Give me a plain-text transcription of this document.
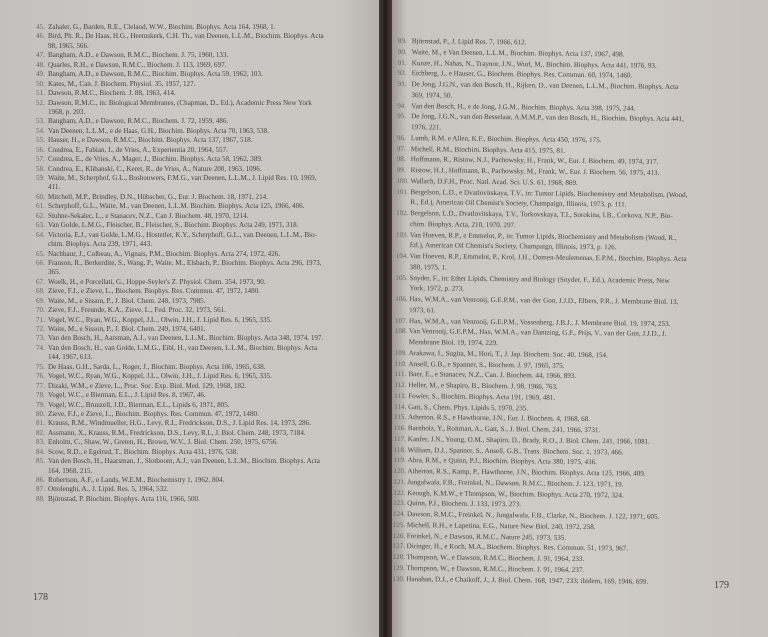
45. Zahaler, G., Barden, R.E., Cleland, W.W., Biochim. Biophys. Acta 164, 1968, 1.
46. Bird, Ph. R., De Haas, H.G., Heemskerk, C.H. Th., van Deenen, L.L.M., Biochim. Biophys. Acta
98, 1965, 566.
47. Bangham, A.D., e Dawson, R.M.C., Biochem. J. 75, 1960, 133.
48. Quarles, R.H., e Dawson, R.M.C., Biochem. J. 113, 1969, 697.
49. Bangham, A.D., e Dawson, R.M.C., Biochim. Biophys. Acta 59, 1962, 103.
50. Kates, M., Can. J. Biochem. Physiol. 35, 1957, 127.
51. Dawson, R.M.C., Biochem. J. 88, 1963, 414.
52. Dawson, R.M.C., in: Biological Membranes, (Chapman, D., Ed.), Academic Press New York
1968, p. 203.
53. Bangham, A.D., e Dawson, R.M.C., Biochem. J. 72, 1959, 486.
54. Van Deenen, L.L.M., e de Haas, G.H., Biochim. Biophys. Acta 70, 1963, 538.
55. Hauser, H., e Dawson, R.M.C., Biochim. Biophys. Acta 137, 1967, 518.
56. Condrea, E., Fabian, I., de Vries, A., Experientia 20, 1964, 557.
57. Condrea, E., de Vries, A., Mager, J., Biochim. Biophys. Acta 58, 1962, 389.
58. Condrea, E., Klibanski, C., Keret, R., de Vries, A., Nature 200, 1963, 1096.
59. Waite, M., Scherphof, G.L., Boshouwers, F.M.G., van Deenen, L.L.M., J. Lipid Res. 10, 1969,
411.
60. Mitchell, M.P., Brindley, D.N., Hübscher, G., Eur. J. Biochem. 18, 1971, 214.
61. Scherphoff, G.L., Waite, M., van Deenen, L.L.M. Biochim. Biophys. Acta 125, 1966, 406.
62. Stuhne-Sekalec, L., e Stanacev, N.Z., Can J. Biochem. 48, 1970, 1214.
63. Van Golde, L.M.G., Fleischer, B., Fleischer, S., Biochim. Biophys. Acta 249, 1971, 318.
64. Victoria, E.J., van Golde, L.M.G., Hostetler, K.Y., Scherphoff, G.L., van Deenen, L.L.M., Bio-
chim. Biophys. Acta 239, 1971, 443.
65. Nachbaur, J., Colbeau, A., Vignais, P.M., Biochim. Biophys. Acta 274, 1972, 426.
66. Franson, R., Berkerdite, S., Wang, P., Waite, M., Elsbach, P., Biochim. Biophys. Acta 296, 1973,
365.
67. Woelk, H., e Porcellati, G., Hoppe-Seyler's Z. Physiol. Chem. 354, 1973, 90.
68. Zieve, F.J., e Zieve, L., Biochem. Biophys. Res. Commun. 47, 1972, 1480.
69. Waite, M., e Sisson, P., J. Biol. Chem. 248, 1973, 7985.
70. Zieve, F.J., Freunde, K.A., Zieve, L., Fed. Proc. 32, 1973, 561.
71. Vogel, W.C., Ryan, W.G., Koppel, J.L., Olwin, J.H., J. Lipid Res. 6, 1965, 335.
72. Waite, M., e Sisson, P., J. Biol. Chem. 249, 1974, 6401.
73. Van den Bosch, H., Aarsman, A.J., van Deenen, L.L.M., Biochim. Biophys. Acta 348, 1974, 197.
74. Van den Bosch, H., van Golde, L.M.G., Eibl, H., van Deenen, L.L.M., Biochim. Biophys. Acta
144, 1967, 613.
75. De Haas, G.H., Sarda, L., Roger, J., Biochim. Biophys. Acta 106, 1965, 638.
76. Vogel, W.C., Ryan, W.G., Koppel, J.L., Olwin, J.H., J. Lipid Res. 6, 1965, 335.
77. Dizaki, W.M., e Zieve, L., Proc. Soc. Exp. Biol. Med. 129, 1968, 182.
78. Vogel, W.C., e Bierman, E.L., J. Lipid Res. 8, 1967, 46.
79. Vogel, W.C., Brunzell, J.D., Bierman, E.L., Lipids 6, 1971, 805.
80. Zieve, F.J., e Zieve, L., Biochim. Biophys. Res. Commun. 47, 1972, 1480.
81. Krauss, R.M., Windmueller, H.G., Levy, R.I., Fredrickson, D.S., J. Lipid Res. 14, 1973, 286.
82. Assmann, X., Krauss, R.M., Fredrickson, D.S., Levy, R.I., J. Biol. Chem. 248, 1973, 7184.
83. Enholm, C., Shaw, W., Greten, H., Brown, W.V., J. Biol. Chem. 250, 1975, 6756.
84. Scow, R.D., e Egelrud, T., Biochim. Biophys. Acta 431, 1976, 538.
85. Van den Bosch, H., Haarsman, J., Slotboom, A.J., van Deenen, L.L.M., Biochim. Biophys. Acta
164, 1968, 215.
86. Robertson, A.F., e Lands, W.E.M., Biochemistry 1, 1962, 804.
87. Ottolenghi, A., J. Lipid. Res. 5, 1964, 532.
88. Björnstad, P. Biochim. Biophys. Acta 116, 1966, 500.
178
89. Björnstad, P., J. Lipid Res. 7, 1966, 612.
90. Waite, M., e Van Deenen, L.L.M., Biochim. Biophys. Acta 137, 1967, 498.
91. Kunze, H., Nahas, N., Traynor, J.N., Wurl, M., Biochim. Biophys. Acta 441, 1976, 93.
92. Eichberg, J., e Hauser, G., Biochem. Biophys. Res. Commun. 60, 1974, 1460.
93. De Jong, J.G.N., van den Bosch, H., Rijken, D., van Deenen, L.L.M., Biochim. Biophys. Acta
369, 1974, 50.
94. Van den Bosch, H., e de Jong, J.G.M., Biochim. Biophys. Acta 398, 1975, 244.
95. De Jong, J.G.N., van den Besselaar, A.M.M.P., van den Bosch, H., Biochim. Biophys. Acta 441,
1976, 221.
96. Lumb, R.M. e Allen, K.F., Biochim. Biophys. Acta 450, 1976, 175.
97. Michell, R.M., Biochim. Biophys. Acta 415, 1975, 81.
98. Hoffmann, R., Ristow, N.J., Pachowsky, H., Frank, W., Eur. J. Biochem. 49, 1974, 317.
99. Ristow, H.J., Hoffmann, R., Pachowsky, M., Frank, W., Eur. J. Biochem. 56, 1975, 413.
100.Wallach, D.F.H., Proc. Natl. Acad. Sci. U.S. 61, 1968, 869.
101.Bergelson, L.D., e Dvatlovitskaya, T.V., in: Tumor Lipids, Biochemistry and Metabolism, (Wood,
R., Ed.), American Oil Chemist's Society, Champaign, Illinois, 1973, p. 111.
102.Bergelson, L.D., Dvatlovitskaya, T.V., Torkovskaya, T.I., Sorokina, I.B., Corkova, N.P., Bio-
chim. Biophys. Acta, 210, 1970, 297.
103.Van Hoeven, R.P., e Emmelot, P., in: Tumor Lipids, Biochemistry and Metabolism (Wood, R.,
Ed.), American Oil Chemist's Society, Champaign, Illinois, 1973, p. 126.
104.Van Hoeven, R.P., Emmelot, P., Krol, J.H., Oomen-Meulemenas, E.P.M., Biochim. Biophys. Acta
380, 1975, 1.
105.Snyder, F., in: Ether Lipids, Chemistry and Biology (Snyder, F., Ed.), Academic Press, New
York, 1972, p. 273.
106.Hax, W.M.A., van Venrooij, G.E.P.M., van der Gon, J.J.D., Elbers, P.R., J. Membrane Biol. 13,
1973, 61.
107.Hax, W.M.A., van Venrooij, G.E.P.M., Vossenberg, J.B.J., J. Membrane Biol. 19, 1974, 253.
108.Van Venrooij, G.E.P.M., Hax, W.M.A., van Dantzing, G.F., Prijs, V., van der Gon, J.J.D., J.
Membrane Biol. 19, 1974, 229.
109.Arakawa, I., Sugita, M., Hori, T., J. Jap. Biochem. Soc. 40, 1968, 154.
110. Ansell, G.B., e Spanner, S., Biochem. J. 97, 1965, 375.
111. Baer, E., e Stanacev, N.Z., Can. J. Biochem. 44, 1966, 893.
112. Heller, M., e Shapiro, B., Biochem. J. 98, 1966, 763.
113. Fowler, S., Biochim. Biophys. Acta 191, 1969, 481.
114. Gatt, S., Chem. Phys. Lipids 5, 1970, 235.
115. Atherton, R.S., e Hawthorne, J.N., Eur. J. Biochem. 4, 1968, 68.
116. Barnholz, Y., Roitman, A., Gatt, S., J. Biol. Chem. 241, 1966, 3731.
117. Kanfer, J.N., Young, O.M., Shapiro, D., Brady, R.O., J. Biol. Chem. 241, 1966, 1081.
118. William, D.J., Spanner, S., Ansell, G.B., Trans. Biochem. Soc. 1, 1973, 466.
119. Abra, R.M., e Quinn, P.J., Biochim. Biophys. Acta 380, 1975, 436.
120.Atherton, R.S., Kamp, P., Hawthorne, J.N., Biochim. Biophys. Acta 125, 1966, 409.
121.Jungalwala, F.B., Freinkel, N., Dawson, R.M.C., Biochem. J. 123, 1971, 19.
122.Keough, K.M.W., e Thompson, W., Biochim. Biophys. Acta 270, 1972, 324.
123.Quinn, P.J., Biochem. J. 133, 1973, 273.
124.Dawson, R.M.C., Freinkel, N., Jungalwala, F.B., Clarke, N., Biochem. J. 122, 1971, 605.
125.Michell, R.H., e Lapetina, E.G., Nature New Biol. 240, 1972, 258.
126.Freinkel, N., e Dawson, R.M.C., Nature 245, 1973, 535.
127.Diringer, H., e Koch, M.A., Biochem. Biophys. Res. Commun. 51, 1973, 967.
128.Thompson, W., e Dawson, R.M.C., Biochem. J. 91, 1964, 233.
129.Thompson, W., e Dawson, R.M.C., Biochem. J. 91, 1964, 237.
130.Hanahan, D.J., e Chaikoff, J., J. Biol. Chem. 168, 1947, 233; ibidem, 169, 1946, 699.
179
